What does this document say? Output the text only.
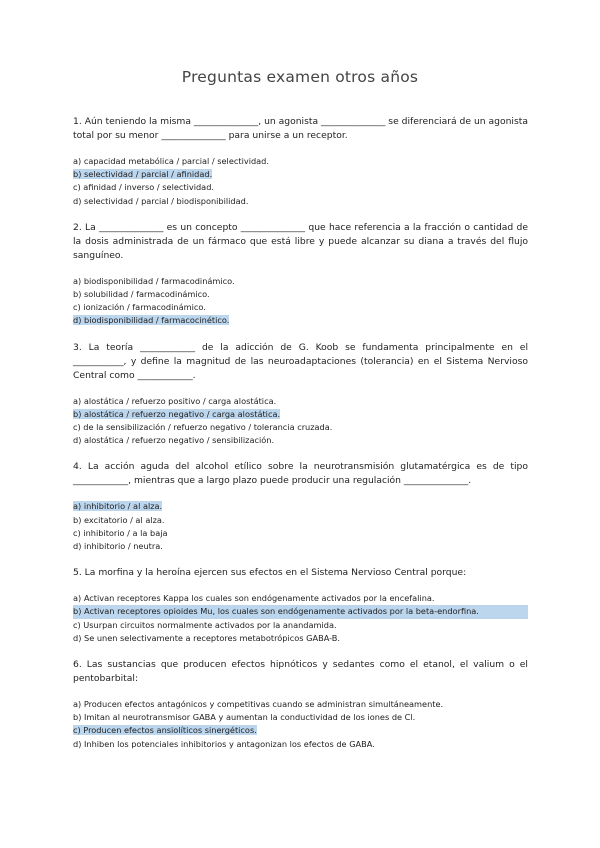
Preguntas examen otros años

1. Aún teniendo la misma ______________, un agonista ______________ se diferenciará de un agonista total por su menor ______________ para unirse a un receptor.

a) capacidad metabólica / parcial / selectividad.
b) selectividad / parcial / afinidad.
c) afinidad / inverso / selectividad.
d) selectividad / parcial / biodisponibilidad.

2. La ______________ es un concepto ______________ que hace referencia a la fracción o cantidad de la dosis administrada de un fármaco que está libre y puede alcanzar su diana a través del flujo sanguíneo.

a) biodisponibilidad / farmacodinámico.
b) solubilidad / farmacodinámico.
c) ionización / farmacodinámico.
d) biodisponibilidad / farmacocinético.

3. La teoría ____________ de la adicción de G. Koob se fundamenta principalmente en el ___________, y define la magnitud de las neuroadaptaciones (tolerancia) en el Sistema Nervioso Central como ____________.

a) alostática / refuerzo positivo / carga alostática.
b) alostática / refuerzo negativo / carga alostática.
c) de la sensibilización / refuerzo negativo / tolerancia cruzada.
d) alostática / refuerzo negativo / sensibilización.

4. La acción aguda del alcohol etílico sobre la neurotransmisión glutamatérgica es de tipo ____________, mientras que a largo plazo puede producir una regulación ______________.

a) inhibitorio / al alza.
b) excitatorio / al alza.
c) inhibitorio / a la baja
d) inhibitorio / neutra.

5. La morfina y la heroína ejercen sus efectos en el Sistema Nervioso Central porque:

a) Activan receptores Kappa los cuales son endógenamente activados por la encefalina.
b) Activan receptores opioides Mu, los cuales son endógenamente activados por la beta-endorfina.
c) Usurpan circuitos normalmente activados por la anandamida.
d) Se unen selectivamente a receptores metabotrópicos GABA-B.

6. Las sustancias que producen efectos hipnóticos y sedantes como el etanol, el valium o el pentobarbital:

a) Producen efectos antagónicos y competitivas cuando se administran simultáneamente.
b) Imitan al neurotransmisor GABA y aumentan la conductividad de los iones de Cl.
c) Producen efectos ansiolíticos sinergéticos.
d) Inhiben los potenciales inhibitorios y antagonizan los efectos de GABA.
